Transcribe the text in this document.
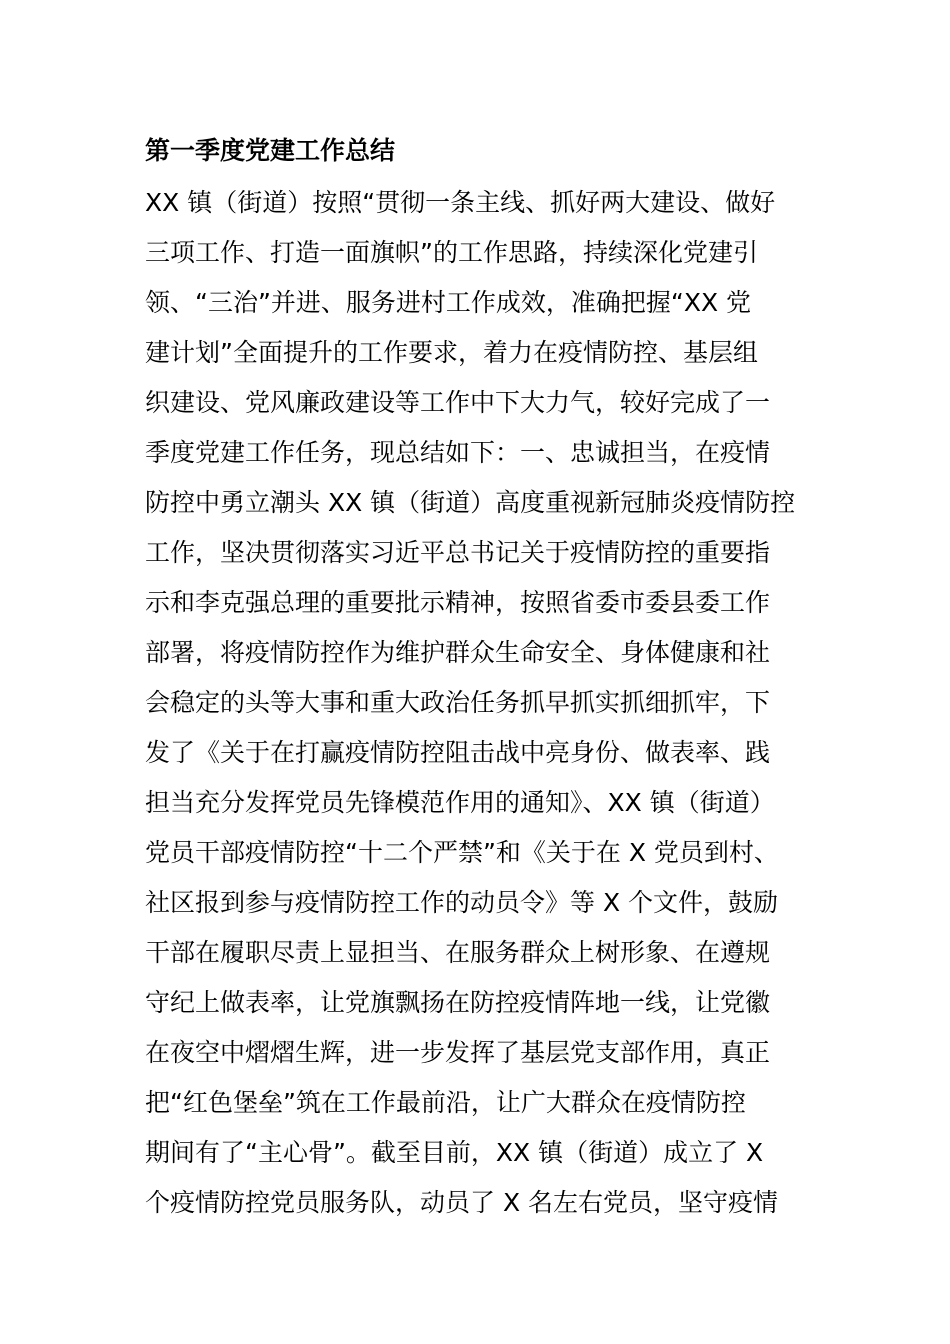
第一季度党建工作总结
XX 镇（街道）按照“贯彻一条主线、抓好两大建设、做好
三项工作、打造一面旗帜”的工作思路，持续深化党建引
领、“三治”并进、服务进村工作成效，准确把握“XX 党
建计划”全面提升的工作要求，着力在疫情防控、基层组
织建设、党风廉政建设等工作中下大力气，较好完成了一
季度党建工作任务，现总结如下：一、忠诚担当，在疫情
防控中勇立潮头 XX 镇（街道）高度重视新冠肺炎疫情防控
工作，坚决贯彻落实习近平总书记关于疫情防控的重要指
示和李克强总理的重要批示精神，按照省委市委县委工作
部署，将疫情防控作为维护群众生命安全、身体健康和社
会稳定的头等大事和重大政治任务抓早抓实抓细抓牢，下
发了《关于在打赢疫情防控阻击战中亮身份、做表率、践
担当充分发挥党员先锋模范作用的通知》、XX 镇（街道）
党员干部疫情防控“十二个严禁”和《关于在 X 党员到村、
社区报到参与疫情防控工作的动员令》等 X 个文件，鼓励
干部在履职尽责上显担当、在服务群众上树形象、在遵规
守纪上做表率，让党旗飘扬在防控疫情阵地一线，让党徽
在夜空中熠熠生辉，进一步发挥了基层党支部作用，真正
把“红色堡垒”筑在工作最前沿，让广大群众在疫情防控
期间有了“主心骨”。截至目前，XX 镇（街道）成立了 X
个疫情防控党员服务队，动员了 X 名左右党员，坚守疫情
